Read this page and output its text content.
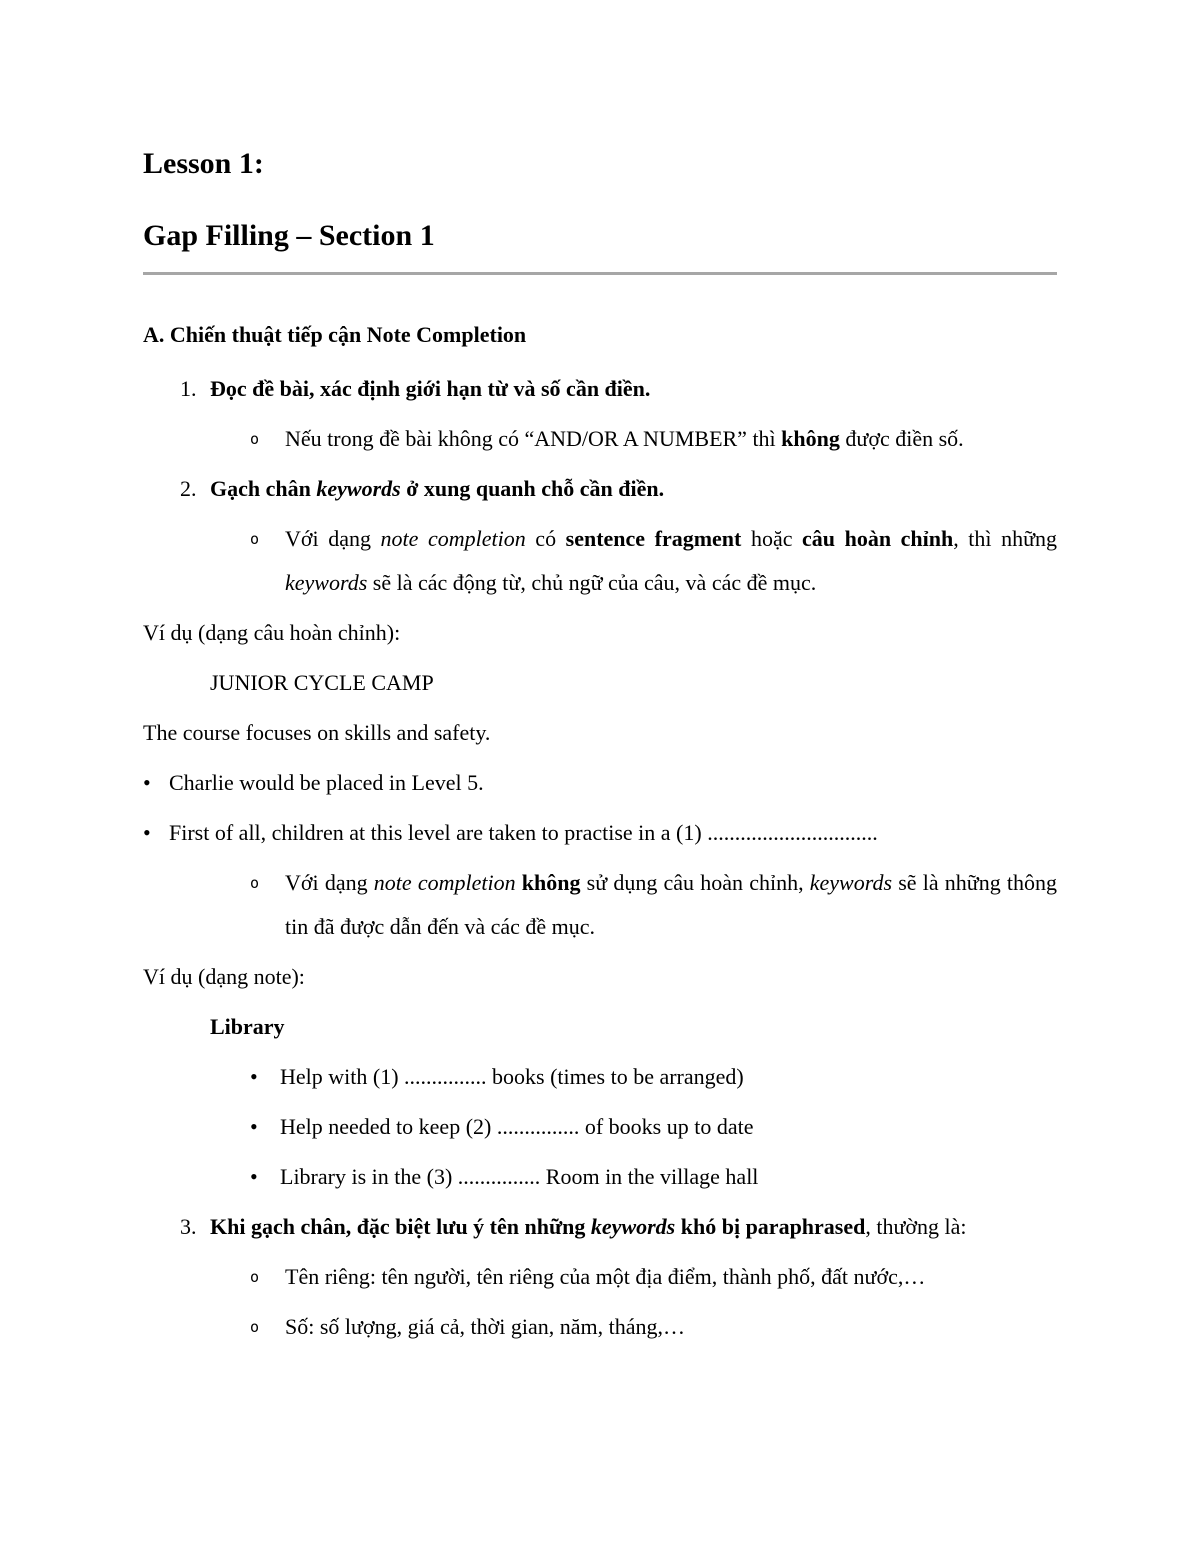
Lesson 1:
Gap Filling – Section 1
A. Chiến thuật tiếp cận Note Completion
1. Đọc đề bài, xác định giới hạn từ và số cần điền.
o	Nếu trong đề bài không có “AND/OR A NUMBER” thì không được điền số.
2. Gạch chân keywords ở xung quanh chỗ cần điền.
o	Với dạng note completion có sentence fragment hoặc câu hoàn chỉnh, thì những keywords sẽ là các động từ, chủ ngữ của câu, và các đề mục.
Ví dụ (dạng câu hoàn chỉnh):
JUNIOR CYCLE CAMP
The course focuses on skills and safety.
• Charlie would be placed in Level 5.
• First of all, children at this level are taken to practise in a (1) ...............................
o	Với dạng note completion không sử dụng câu hoàn chỉnh, keywords sẽ là những thông tin đã được dẫn đến và các đề mục.
Ví dụ (dạng note):
Library
•	Help with (1) ............... books (times to be arranged)
•	Help needed to keep (2) ............... of books up to date
•	Library is in the (3) ............... Room in the village hall
3. Khi gạch chân, đặc biệt lưu ý tên những keywords khó bị paraphrased, thường là:
o	Tên riêng: tên người, tên riêng của một địa điểm, thành phố, đất nước,…
o	Số: số lượng, giá cả, thời gian, năm, tháng,…
